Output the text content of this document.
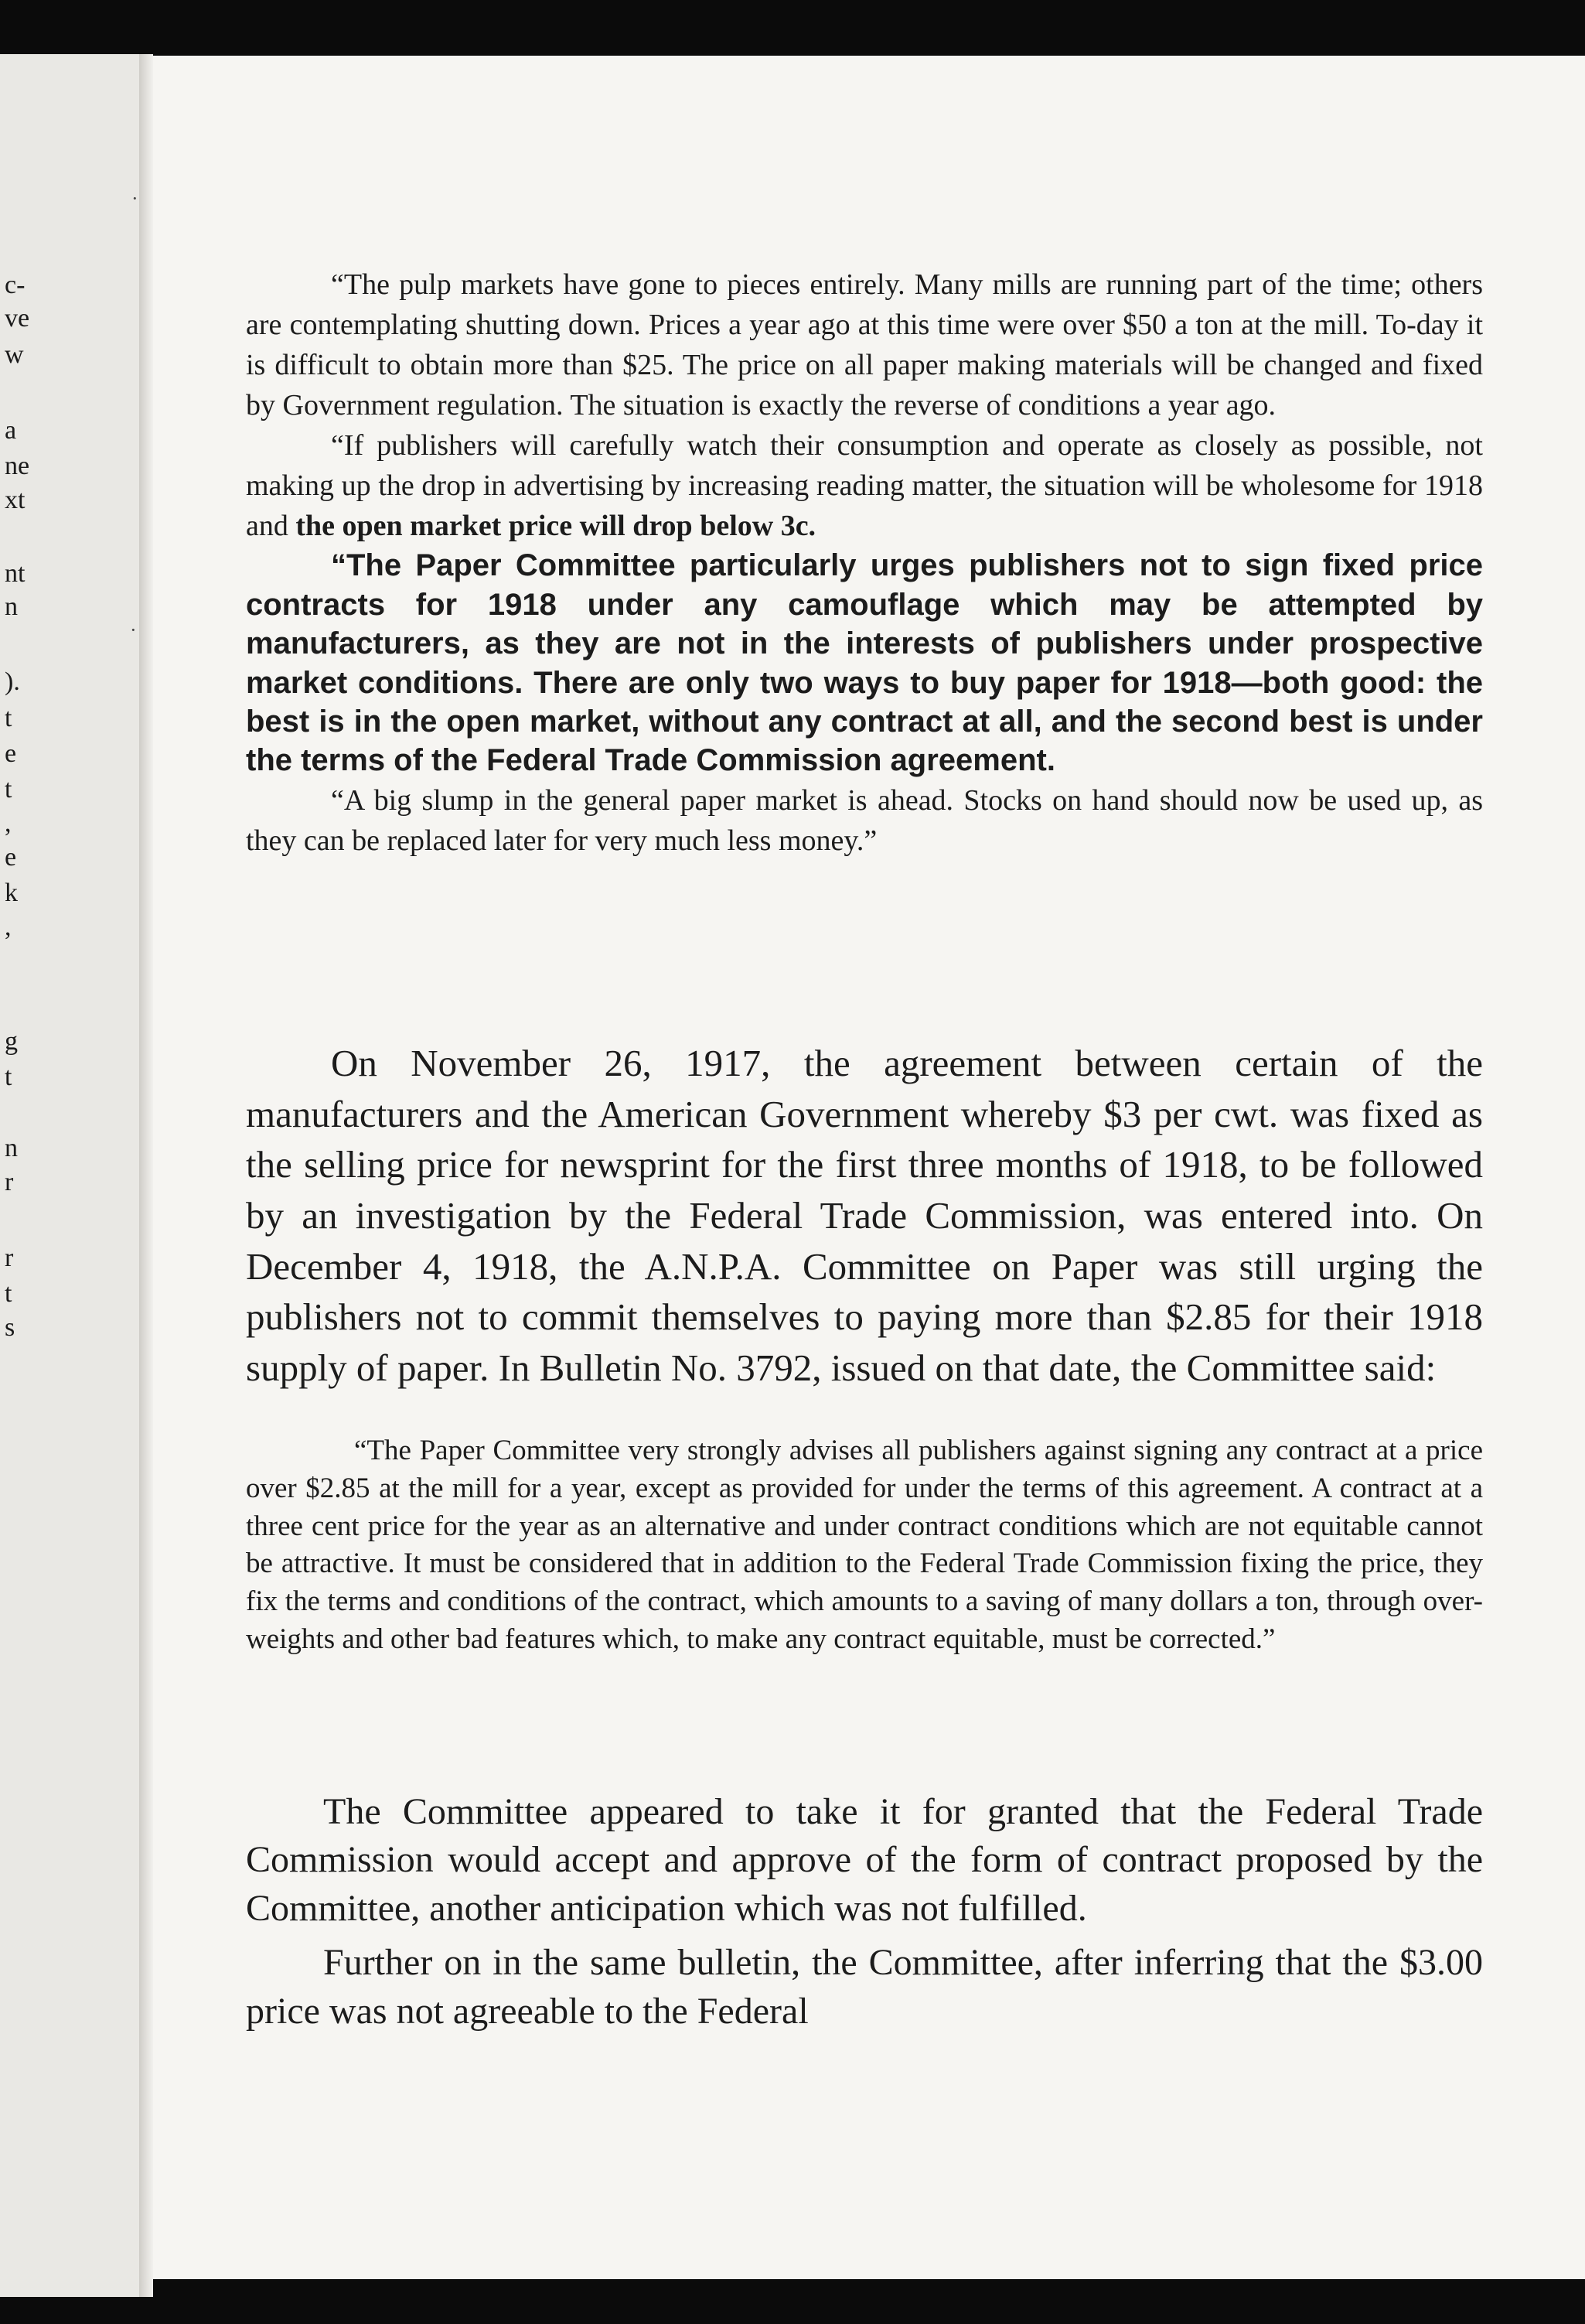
c-
ve
w
a
ne
xt
nt
n
).
t
e
t
,
e
k
,
g
t
n
r
r
t
s
·
·

“The pulp markets have gone to pieces entirely. Many mills are running part of the time; others are contemplating shutting down. Prices a year ago at this time were over $50 a ton at the mill. To-day it is difficult to obtain more than $25. The price on all paper making materials will be changed and fixed by Government regulation. The situation is exactly the reverse of conditions a year ago.

“If publishers will carefully watch their consumption and operate as closely as possible, not making up the drop in advertising by increasing reading matter, the situation will be wholesome for 1918 and the open market price will drop below 3c.

“The Paper Committee particularly urges publishers not to sign fixed price contracts for 1918 under any camouflage which may be attempted by manufacturers, as they are not in the interests of publishers under prospective market conditions. There are only two ways to buy paper for 1918—both good: the best is in the open market, without any contract at all, and the second best is under the terms of the Federal Trade Commission agreement.

“A big slump in the general paper market is ahead. Stocks on hand should now be used up, as they can be replaced later for very much less money.”

On November 26, 1917, the agreement between certain of the manufacturers and the American Government whereby $3 per cwt. was fixed as the selling price for newsprint for the first three months of 1918, to be followed by an investigation by the Federal Trade Commission, was entered into. On December 4, 1918, the A.N.P.A. Committee on Paper was still urging the publishers not to commit themselves to paying more than $2.85 for their 1918 supply of paper. In Bulletin No. 3792, issued on that date, the Committee said:

“The Paper Committee very strongly advises all publishers against signing any contract at a price over $2.85 at the mill for a year, except as provided for under the terms of this agreement. A contract at a three cent price for the year as an alternative and under contract conditions which are not equitable cannot be attractive. It must be considered that in addition to the Federal Trade Commission fixing the price, they fix the terms and conditions of the contract, which amounts to a saving of many dollars a ton, through over-weights and other bad features which, to make any contract equitable, must be corrected.”

The Committee appeared to take it for granted that the Federal Trade Commission would accept and approve of the form of contract proposed by the Committee, another anticipation which was not fulfilled.

Further on in the same bulletin, the Committee, after inferring that the $3.00 price was not agreeable to the Federal
